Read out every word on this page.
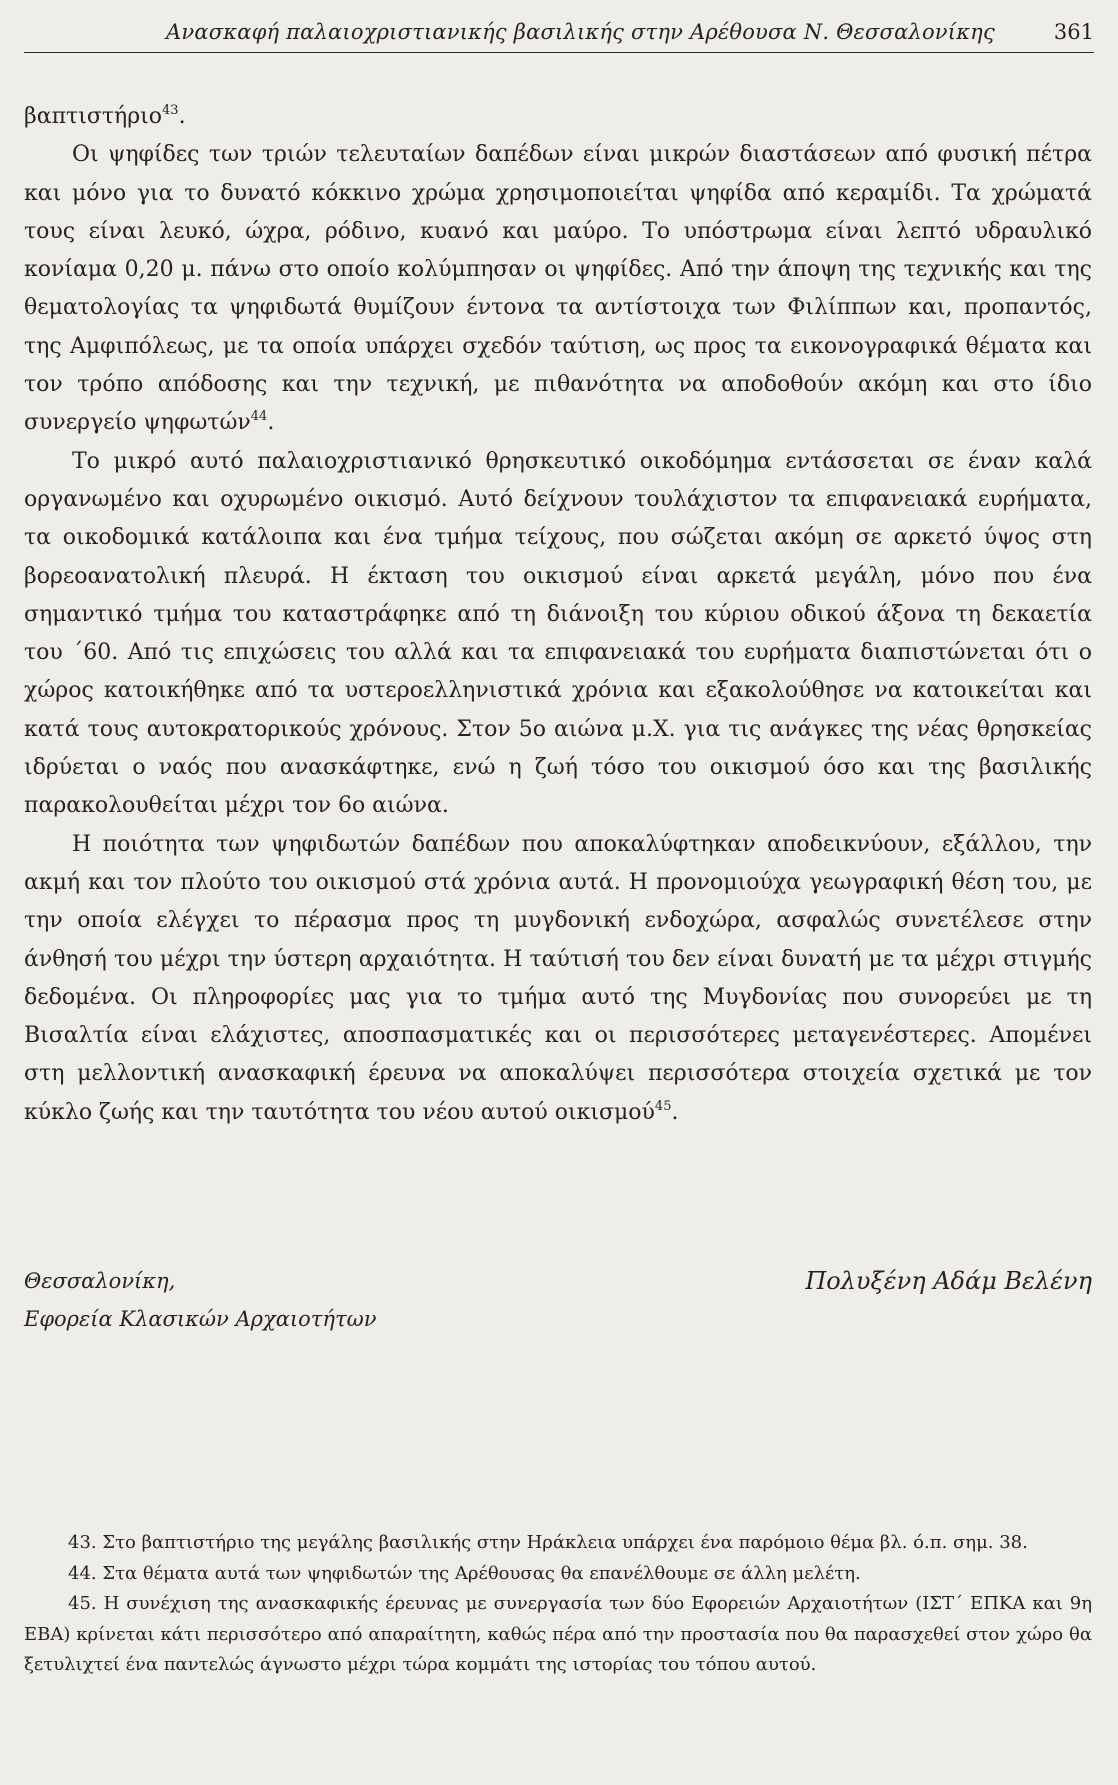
Ανασκαφή παλαιοχριστιανικής βασιλικής στην Αρέθουσα Ν. Θεσσαλονίκης	361

βαπτιστήριο$^{43}$.

Οι ψηφίδες των τριών τελευταίων δαπέδων είναι μικρών διαστάσεων από φυσική πέτρα και μόνο για το δυνατό κόκκινο χρώμα χρησιμοποιείται ψηφίδα από κεραμίδι. Τα χρώματά τους είναι λευκό, ώχρα, ρόδινο, κυανό και μαύρο. Το υπόστρωμα είναι λεπτό υδραυλικό κονίαμα 0,20 μ. πάνω στο οποίο κολύμπησαν οι ψηφίδες. Από την άποψη της τεχνικής και της θεματολογίας τα ψηφιδωτά θυμίζουν έντονα τα αντίστοιχα των Φιλίππων και, προπαντός, της Αμφιπόλεως, με τα οποία υπάρχει σχεδόν ταύτιση, ως προς τα εικονογραφικά θέματα και τον τρόπο απόδοσης και την τεχνική, με πιθανότητα να αποδοθούν ακόμη και στο ίδιο συνεργείο ψηφωτών$^{44}$.

Το μικρό αυτό παλαιοχριστιανικό θρησκευτικό οικοδόμημα εντάσσεται σε έναν καλά οργανωμένο και οχυρωμένο οικισμό. Αυτό δείχνουν τουλάχιστον τα επιφανειακά ευρήματα, τα οικοδομικά κατάλοιπα και ένα τμήμα τείχους, που σώζεται ακόμη σε αρκετό ύψος στη βορεοανατολική πλευρά. Η έκταση του οικισμού είναι αρκετά μεγάλη, μόνο που ένα σημαντικό τμήμα του καταστράφηκε από τη διάνοιξη του κύριου οδικού άξονα τη δεκαετία του ΄60. Από τις επιχώσεις του αλλά και τα επιφανειακά του ευρήματα διαπιστώνεται ότι ο χώρος κατοικήθηκε από τα υστεροελληνιστικά χρόνια και εξακολούθησε να κατοικείται και κατά τους αυτοκρατορικούς χρόνους. Στον 5ο αιώνα μ.Χ. για τις ανάγκες της νέας θρησκείας ιδρύεται ο ναός που ανασκάφτηκε, ενώ η ζωή τόσο του οικισμού όσο και της βασιλικής παρακολουθείται μέχρι τον 6ο αιώνα.

Η ποιότητα των ψηφιδωτών δαπέδων που αποκαλύφτηκαν αποδεικνύουν, εξάλλου, την ακμή και τον πλούτο του οικισμού στά χρόνια αυτά. Η προνομιούχα γεωγραφική θέση του, με την οποία ελέγχει το πέρασμα προς τη μυγδονική ενδοχώρα, ασφαλώς συνετέλεσε στην άνθησή του μέχρι την ύστερη αρχαιότητα. Η ταύτισή του δεν είναι δυνατή με τα μέχρι στιγμής δεδομένα. Οι πληροφορίες μας για το τμήμα αυτό της Μυγδονίας που συνορεύει με τη Βισαλτία είναι ελάχιστες, αποσπασματικές και οι περισσότερες μεταγενέστερες. Απομένει στη μελλοντική ανασκαφική έρευνα να αποκαλύψει περισσότερα στοιχεία σχετικά με τον κύκλο ζωής και την ταυτότητα του νέου αυτού οικισμού$^{45}$.

Θεσσαλονίκη,
Εφορεία Κλασικών Αρχαιοτήτων
Πολυξένη Αδάμ Βελένη

43. Στο βαπτιστήριο της μεγάλης βασιλικής στην Ηράκλεια υπάρχει ένα παρόμοιο θέμα βλ. ό.π. σημ. 38.

44. Στα θέματα αυτά των ψηφιδωτών της Αρέθουσας θα επανέλθουμε σε άλλη μελέτη.

45. Η συνέχιση της ανασκαφικής έρευνας με συνεργασία των δύο Εφορειών Αρχαιοτήτων (ΙΣΤ΄ ΕΠΚΑ και 9η ΕΒΑ) κρίνεται κάτι περισσότερο από απαραίτητη, καθώς πέρα από την προστασία που θα παρασχεθεί στον χώρο θα ξετυλιχτεί ένα παντελώς άγνωστο μέχρι τώρα κομμάτι της ιστορίας του τόπου αυτού.
